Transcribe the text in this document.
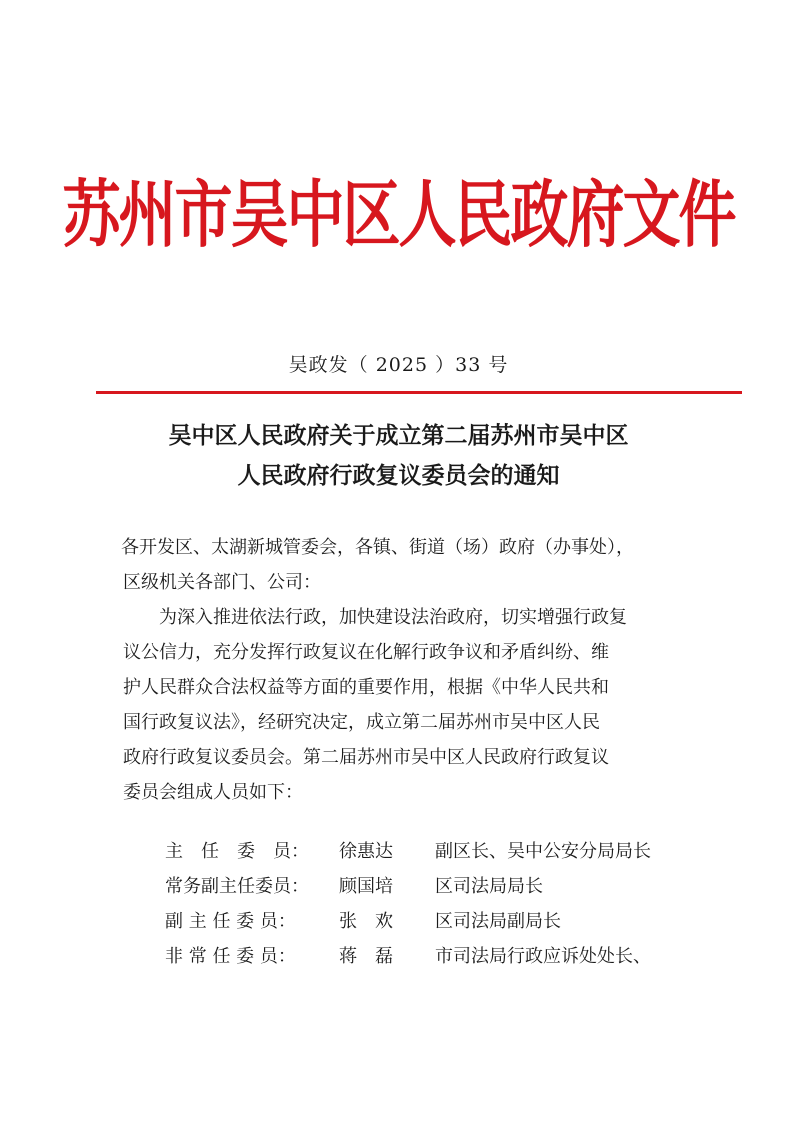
苏州市吴中区人民政府文件
吴政发（ 2025 ）33 号
吴中区人民政府关于成立第二届苏州市吴中区
人民政府行政复议委员会的通知
各开发区、太湖新城管委会，各镇、街道（场）政府（办事处），
区级机关各部门、公司：
为深入推进依法行政，加快建设法治政府，切实增强行政复
议公信力，充分发挥行政复议在化解行政争议和矛盾纠纷、维
护人民群众合法权益等方面的重要作用，根据《中华人民共和
国行政复议法》，经研究决定，成立第二届苏州市吴中区人民
政府行政复议委员会。第二届苏州市吴中区人民政府行政复议
委员会组成人员如下：
主　任　委　员：	徐惠达	副区长、吴中公安分局局长
常务副主任委员：	顾国培	区司法局局长
副 主 任 委 员：	张　欢	区司法局副局长
非 常 任 委 员：	蒋　磊	市司法局行政应诉处处长、
